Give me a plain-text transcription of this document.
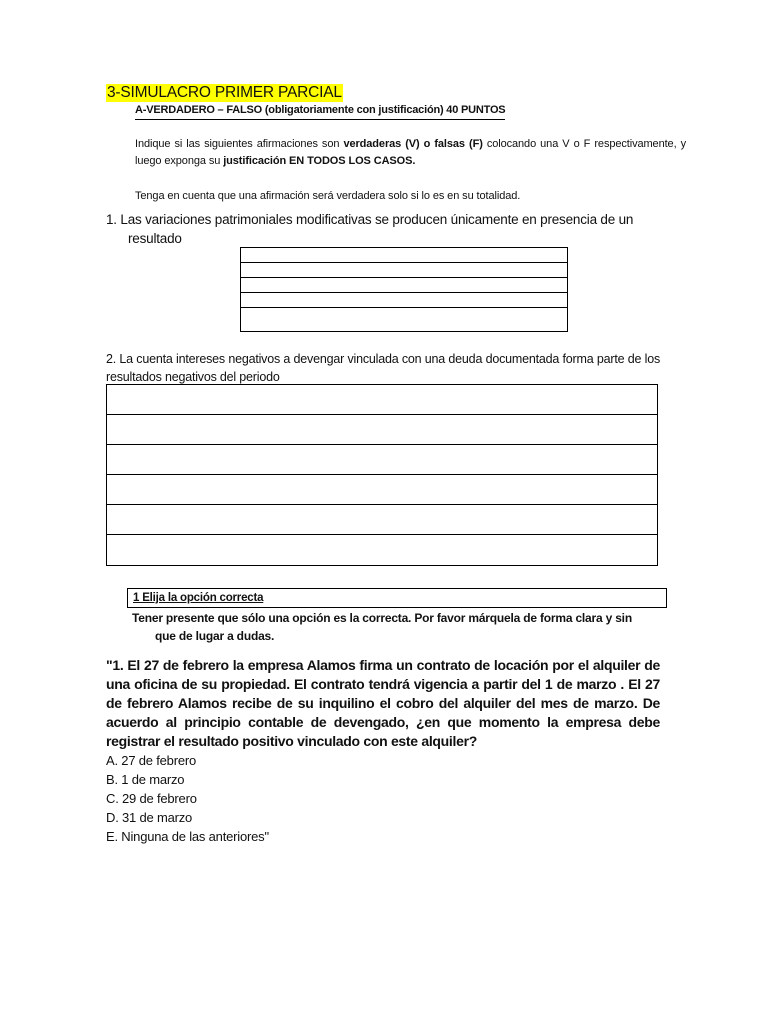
3-SIMULACRO PRIMER PARCIAL
A-VERDADERO – FALSO (obligatoriamente con justificación) 40 PUNTOS
Indique si las siguientes afirmaciones son verdaderas (V) o falsas (F) colocando una V o F respectivamente, y luego exponga su justificación EN TODOS LOS CASOS.
Tenga en cuenta que una afirmación será verdadera solo si lo es en su totalidad.
1. Las variaciones patrimoniales modificativas se producen únicamente en presencia de un
resultado
2. La cuenta intereses negativos a devengar vinculada con una deuda documentada forma parte de los resultados negativos del periodo
1 Elija la opción correcta
Tener presente que sólo una opción es la correcta. Por favor márquela de forma clara y sin
que de lugar a dudas.
"1. El 27 de febrero la empresa Alamos firma un contrato de locación por el alquiler de una oficina de su propiedad. El contrato tendrá vigencia a partir del 1 de marzo . El 27 de febrero Alamos recibe de su inquilino el cobro del alquiler del mes de marzo. De acuerdo al principio contable de devengado, ¿en que momento la empresa debe registrar el resultado positivo vinculado con este alquiler?
A. 27 de febrero
B. 1 de marzo
C. 29 de febrero
D. 31 de marzo
E. Ninguna de las anteriores"
